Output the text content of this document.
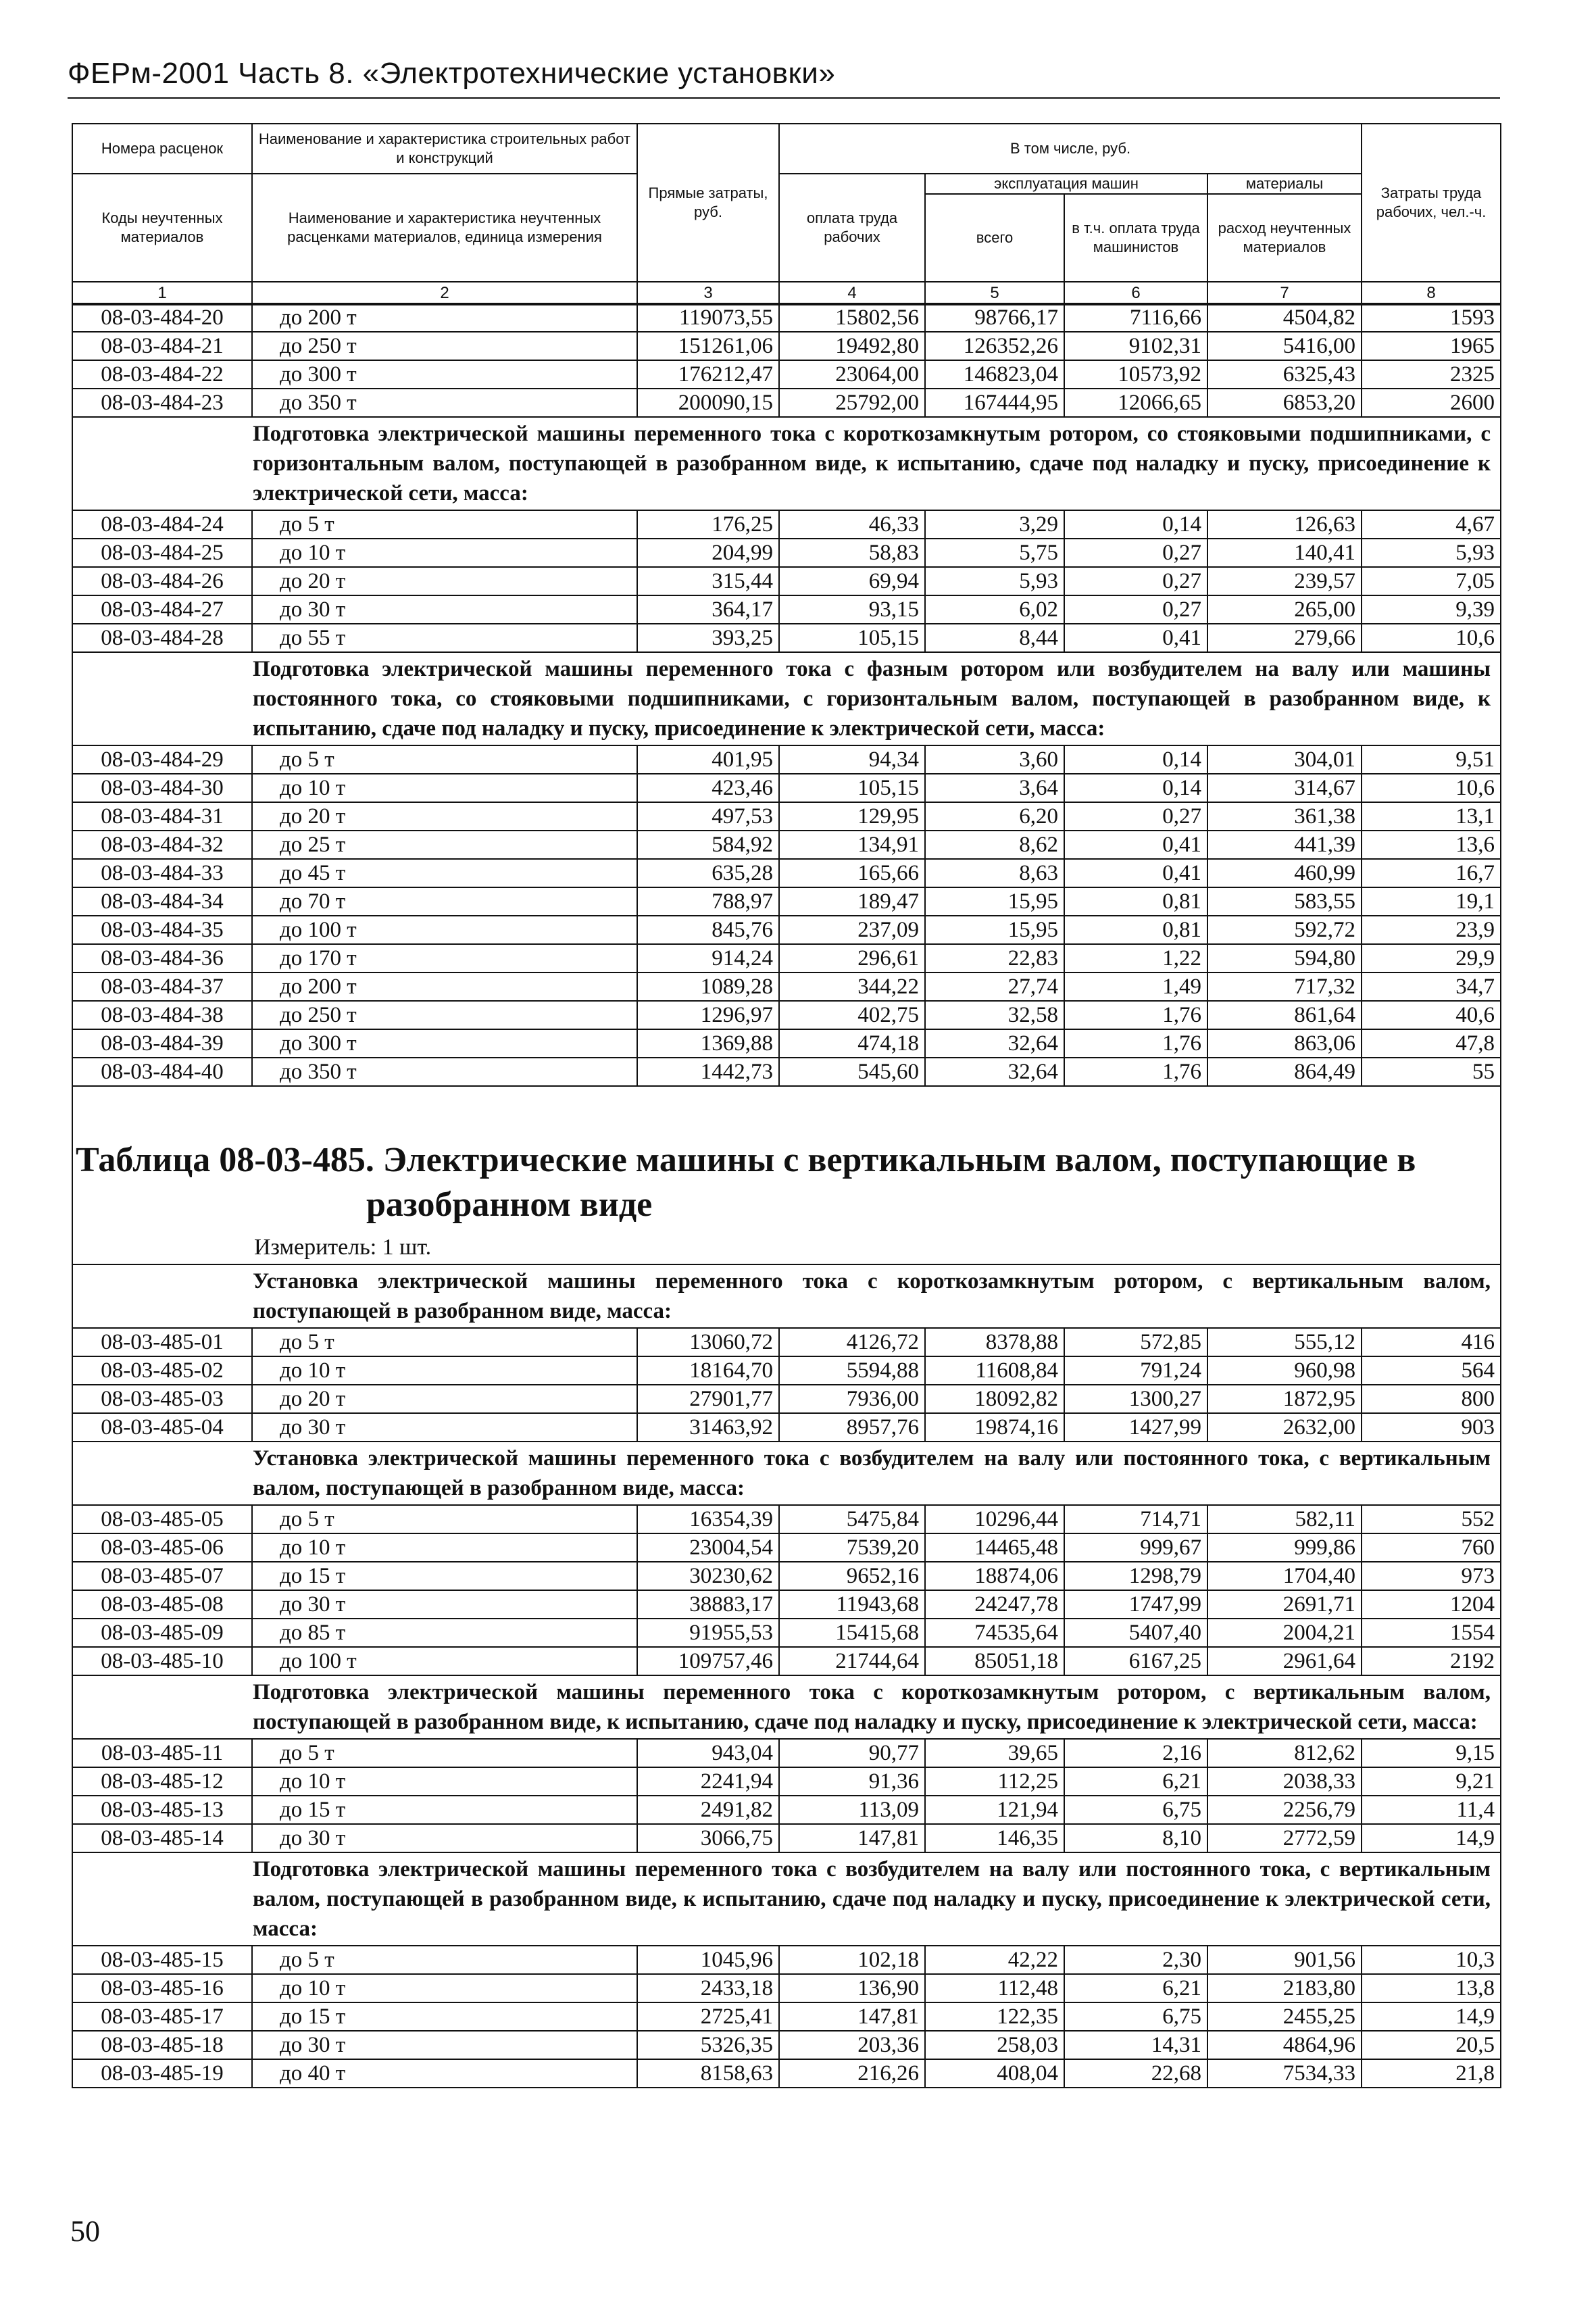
ФЕРм-2001 Часть 8. «Электротехнические установки»
Номера расценок	Наименование и характеристика строительных работ и конструкций	Прямые затраты, руб.	В том числе, руб.				Затраты труда рабочих, чел.-ч.
Коды неучтенных материалов	Наименование и характеристика неучтенных расценками материалов, единица измерения		оплата труда рабочих	эксплуатация машин		материалы	
				всего	в т.ч. оплата труда машинистов	расход неучтенных материалов	
1	2	3	4	5	6	7	8
08-03-484-20	до 200 т	119073,55	15802,56	98766,17	7116,66	4504,82	1593
08-03-484-21	до 250 т	151261,06	19492,80	126352,26	9102,31	5416,00	1965
08-03-484-22	до 300 т	176212,47	23064,00	146823,04	10573,92	6325,43	2325
08-03-484-23	до 350 т	200090,15	25792,00	167444,95	12066,65	6853,20	2600
Подготовка электрической машины переменного тока с короткозамкнутым ротором, со стояковыми подшипниками, с горизонтальным валом, поступающей в разобранном виде, к испытанию, сдаче под наладку и пуску, присоединение к электрической сети, масса:							
08-03-484-24	до 5 т	176,25	46,33	3,29	0,14	126,63	4,67
08-03-484-25	до 10 т	204,99	58,83	5,75	0,27	140,41	5,93
08-03-484-26	до 20 т	315,44	69,94	5,93	0,27	239,57	7,05
08-03-484-27	до 30 т	364,17	93,15	6,02	0,27	265,00	9,39
08-03-484-28	до 55 т	393,25	105,15	8,44	0,41	279,66	10,6
Подготовка электрической машины переменного тока с фазным ротором или возбудителем на валу или машины постоянного тока, со стояковыми подшипниками, с горизонтальным валом, поступающей в разобранном виде, к испытанию, сдаче под наладку и пуску, присоединение к электрической сети, масса:							
08-03-484-29	до 5 т	401,95	94,34	3,60	0,14	304,01	9,51
08-03-484-30	до 10 т	423,46	105,15	3,64	0,14	314,67	10,6
08-03-484-31	до 20 т	497,53	129,95	6,20	0,27	361,38	13,1
08-03-484-32	до 25 т	584,92	134,91	8,62	0,41	441,39	13,6
08-03-484-33	до 45 т	635,28	165,66	8,63	0,41	460,99	16,7
08-03-484-34	до 70 т	788,97	189,47	15,95	0,81	583,55	19,1
08-03-484-35	до 100 т	845,76	237,09	15,95	0,81	592,72	23,9
08-03-484-36	до 170 т	914,24	296,61	22,83	1,22	594,80	29,9
08-03-484-37	до 200 т	1089,28	344,22	27,74	1,49	717,32	34,7
08-03-484-38	до 250 т	1296,97	402,75	32,58	1,76	861,64	40,6
08-03-484-39	до 300 т	1369,88	474,18	32,64	1,76	863,06	47,8
08-03-484-40	до 350 т	1442,73	545,60	32,64	1,76	864,49	55

Таблица 08-03-485. Электрические машины с вертикальным валом, поступающие в разобранном виде							

Измеритель: 1 шт.							
Установка электрической машины переменного тока с короткозамкнутым ротором, с вертикальным валом, поступающей в разобранном виде, масса:							
08-03-485-01	до 5 т	13060,72	4126,72	8378,88	572,85	555,12	416
08-03-485-02	до 10 т	18164,70	5594,88	11608,84	791,24	960,98	564
08-03-485-03	до 20 т	27901,77	7936,00	18092,82	1300,27	1872,95	800
08-03-485-04	до 30 т	31463,92	8957,76	19874,16	1427,99	2632,00	903
Установка электрической машины переменного тока с возбудителем на валу или постоянного тока, с вертикальным валом, поступающей в разобранном виде, масса:							
08-03-485-05	до 5 т	16354,39	5475,84	10296,44	714,71	582,11	552
08-03-485-06	до 10 т	23004,54	7539,20	14465,48	999,67	999,86	760
08-03-485-07	до 15 т	30230,62	9652,16	18874,06	1298,79	1704,40	973
08-03-485-08	до 30 т	38883,17	11943,68	24247,78	1747,99	2691,71	1204
08-03-485-09	до 85 т	91955,53	15415,68	74535,64	5407,40	2004,21	1554
08-03-485-10	до 100 т	109757,46	21744,64	85051,18	6167,25	2961,64	2192
Подготовка электрической машины переменного тока с короткозамкнутым ротором, с вертикальным валом, поступающей в разобранном виде, к испытанию, сдаче под наладку и пуску, присоединение к электрической сети, масса:							
08-03-485-11	до 5 т	943,04	90,77	39,65	2,16	812,62	9,15
08-03-485-12	до 10 т	2241,94	91,36	112,25	6,21	2038,33	9,21
08-03-485-13	до 15 т	2491,82	113,09	121,94	6,75	2256,79	11,4
08-03-485-14	до 30 т	3066,75	147,81	146,35	8,10	2772,59	14,9
Подготовка электрической машины переменного тока с возбудителем на валу или постоянного тока, с вертикальным валом, поступающей в разобранном виде, к испытанию, сдаче под наладку и пуску, присоединение к электрической сети, масса:							
08-03-485-15	до 5 т	1045,96	102,18	42,22	2,30	901,56	10,3
08-03-485-16	до 10 т	2433,18	136,90	112,48	6,21	2183,80	13,8
08-03-485-17	до 15 т	2725,41	147,81	122,35	6,75	2455,25	14,9
08-03-485-18	до 30 т	5326,35	203,36	258,03	14,31	4864,96	20,5
08-03-485-19	до 40 т	8158,63	216,26	408,04	22,68	7534,33	21,8
50
